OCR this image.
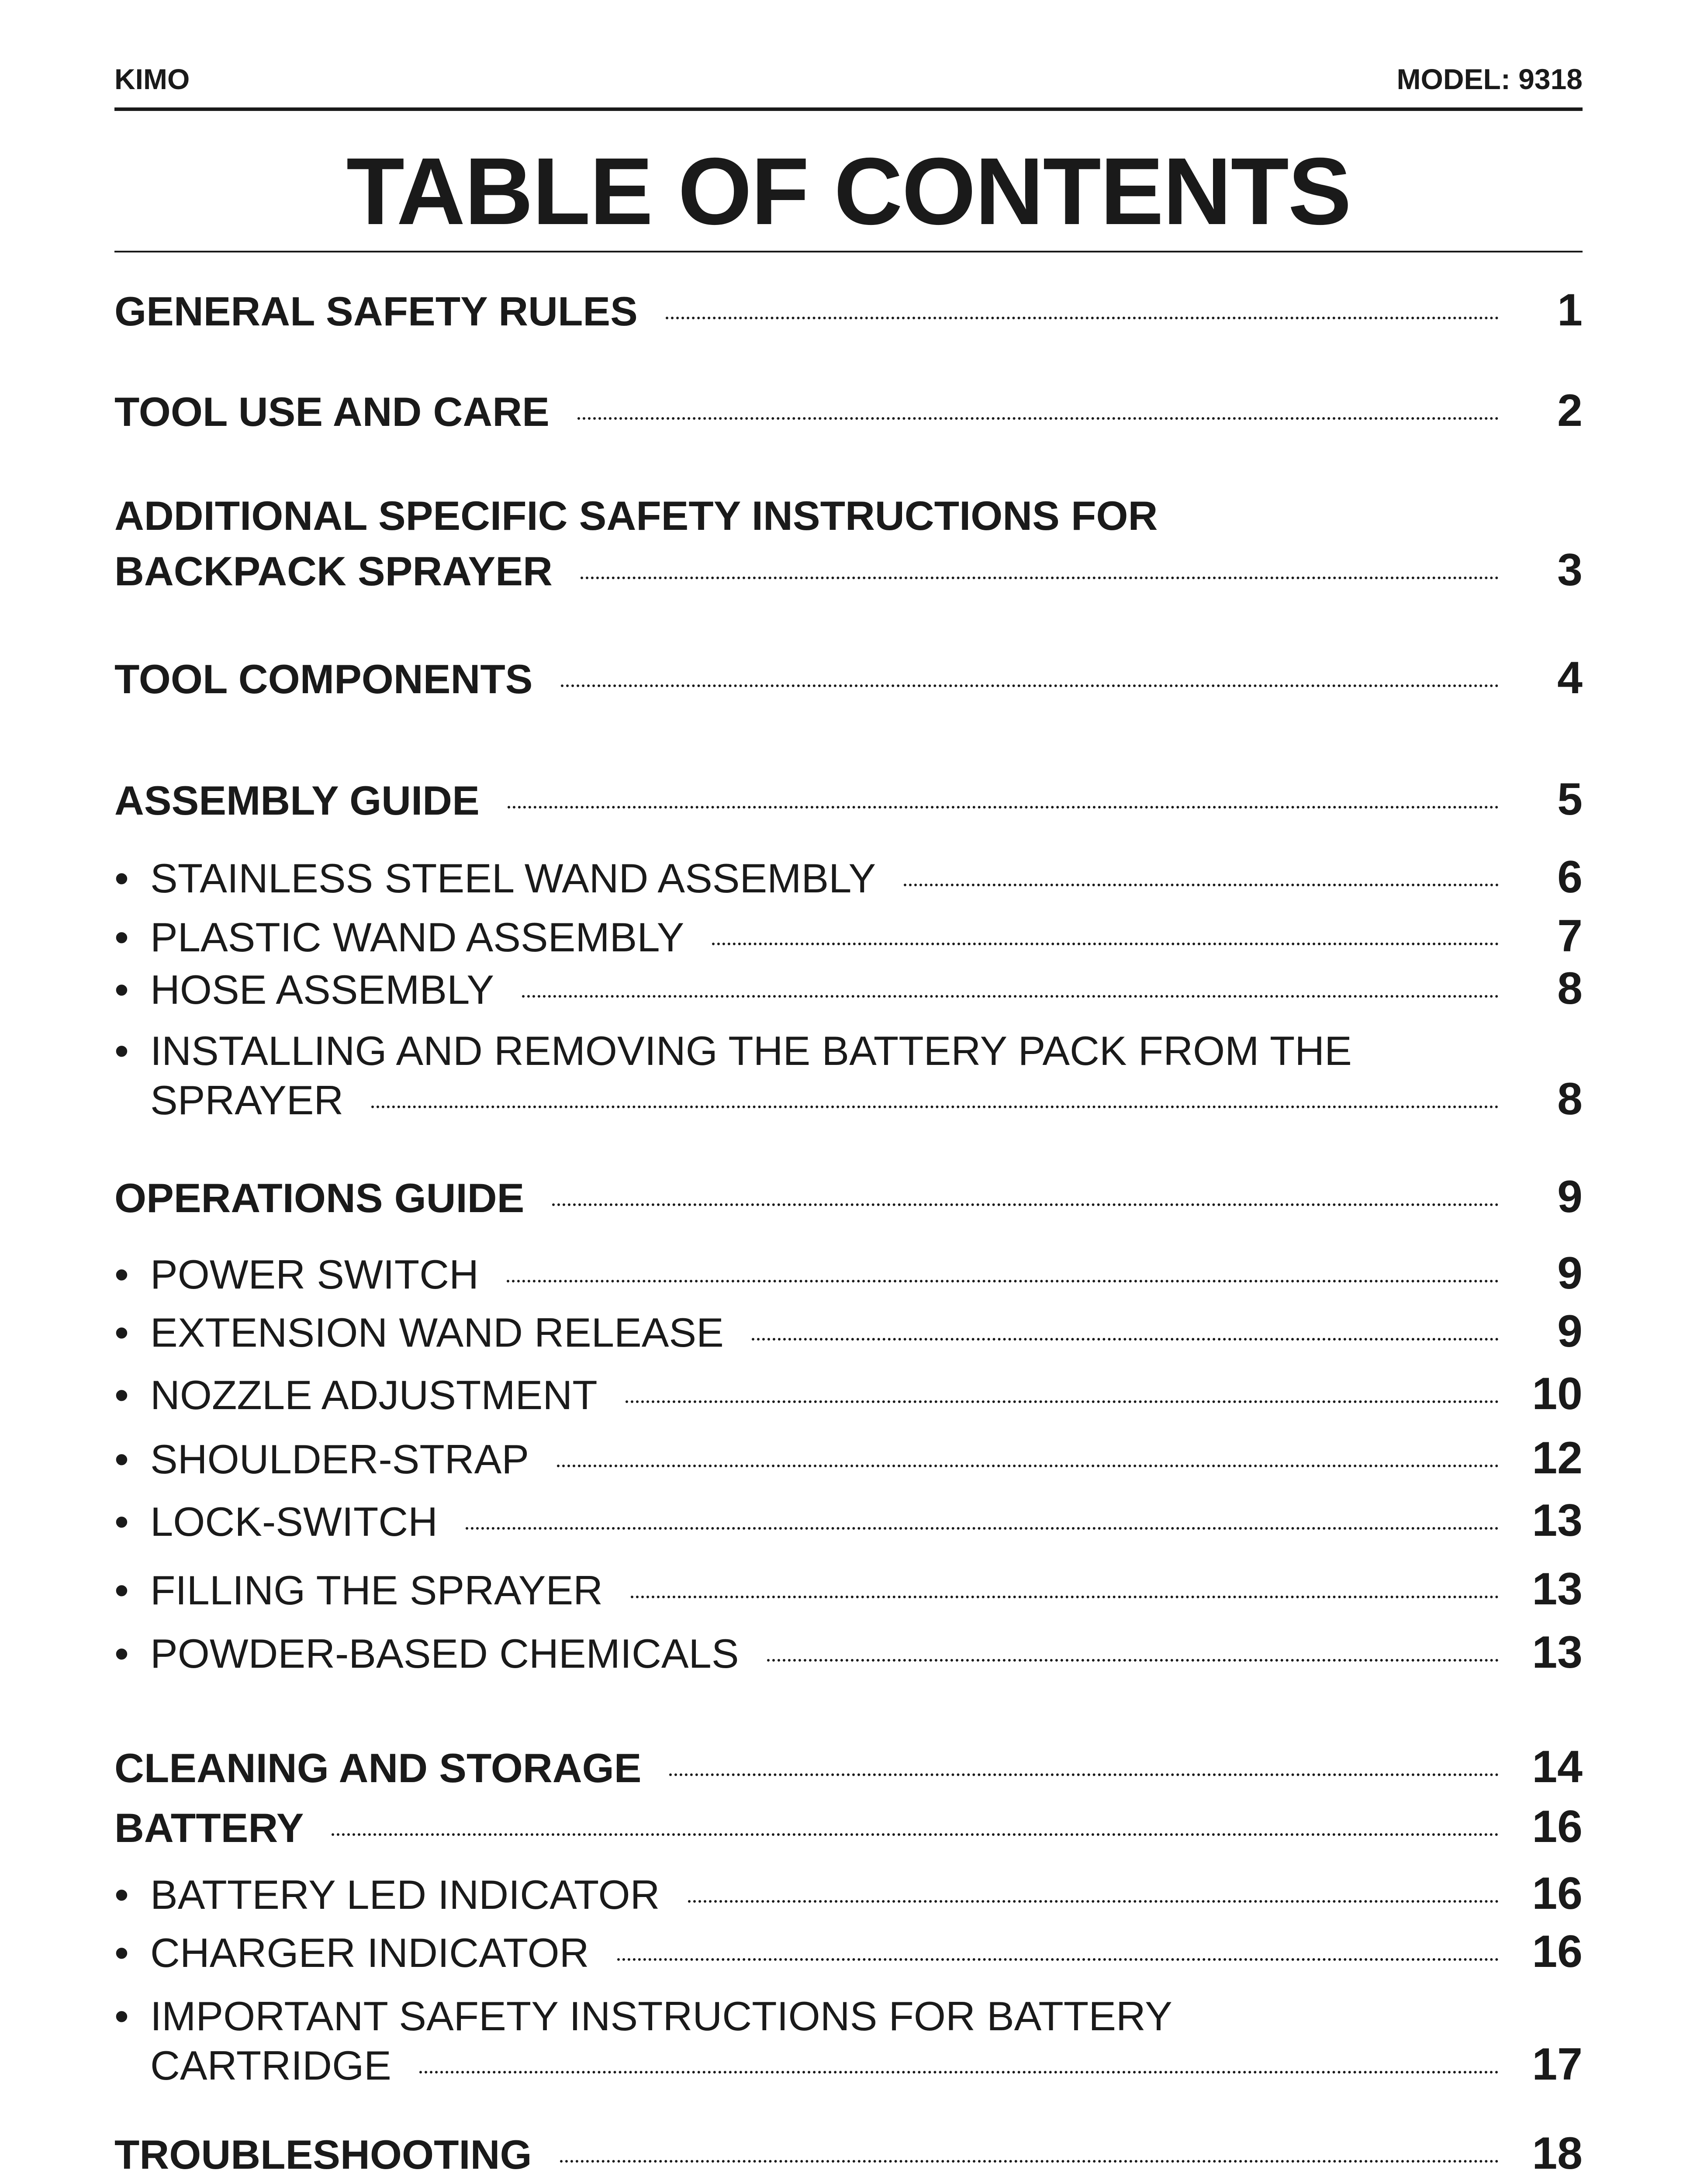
KIMO	MODEL: 9318
TABLE OF CONTENTS
GENERAL SAFETY RULES	1
TOOL USE AND CARE	2
ADDITIONAL SPECIFIC SAFETY INSTRUCTIONS FOR
BACKPACK SPRAYER	3
TOOL COMPONENTS	4
ASSEMBLY GUIDE	5
• STAINLESS STEEL WAND ASSEMBLY	6
• PLASTIC WAND ASSEMBLY	7
• HOSE ASSEMBLY	8
• INSTALLING AND REMOVING THE BATTERY PACK FROM THE
SPRAYER	8
OPERATIONS GUIDE	9
• POWER SWITCH	9
• EXTENSION WAND RELEASE	9
• NOZZLE ADJUSTMENT	10
• SHOULDER-STRAP	12
• LOCK-SWITCH	13
• FILLING THE SPRAYER	13
• POWDER-BASED CHEMICALS	13
CLEANING AND STORAGE	14
BATTERY	16
• BATTERY LED INDICATOR	16
• CHARGER INDICATOR	16
• IMPORTANT SAFETY INSTRUCTIONS FOR BATTERY
CARTRIDGE	17
TROUBLESHOOTING	18
